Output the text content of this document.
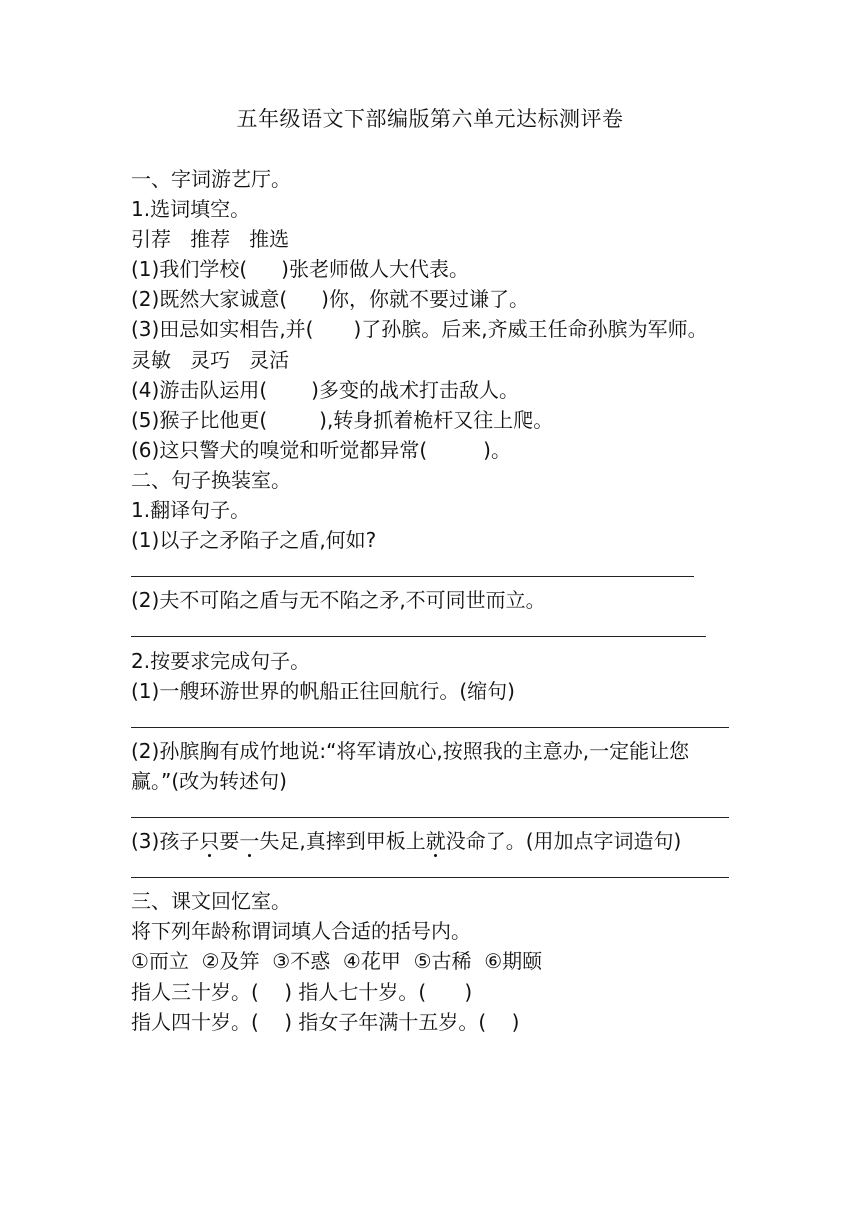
五年级语文下部编版第六单元达标测评卷
一、字词游艺厅。
1.选词填空。
引荐   推荐   推选
(1)我们学校( )张老师做人大代表。
(2)既然大家诚意( )你，你就不要过谦了。
(3)田忌如实相告,并( )了孙膑。后来,齐威王任命孙膑为军师。
灵敏   灵巧   灵活
(4)游击队运用( )多变的战术打击敌人。
(5)猴子比他更(	),转身抓着桅杆又往上爬。
(6)这只警犬的嗅觉和听觉都异常(	)。
二、句子换装室。
1.翻译句子。
(1)以子之矛陷子之盾,何如?
(2)夫不可陷之盾与无不陷之矛,不可同世而立。
2.按要求完成句子。
(1)一艘环游世界的帆船正往回航行。(缩句)
(2)孙膑胸有成竹地说:“将军请放心,按照我的主意办,一定能让您赢。”(改为转述句)
(3)孩子只要一失足,真摔到甲板上就没命了。(用加点字词造句)
三、课文回忆室。
将下列年龄称谓词填人合适的括号内。
①而立  ②及笄  ③不惑  ④花甲  ⑤古稀  ⑥期颐
指人三十岁。(    ) 指人七十岁。(      )
指人四十岁。(    ) 指女子年满十五岁。(    )
